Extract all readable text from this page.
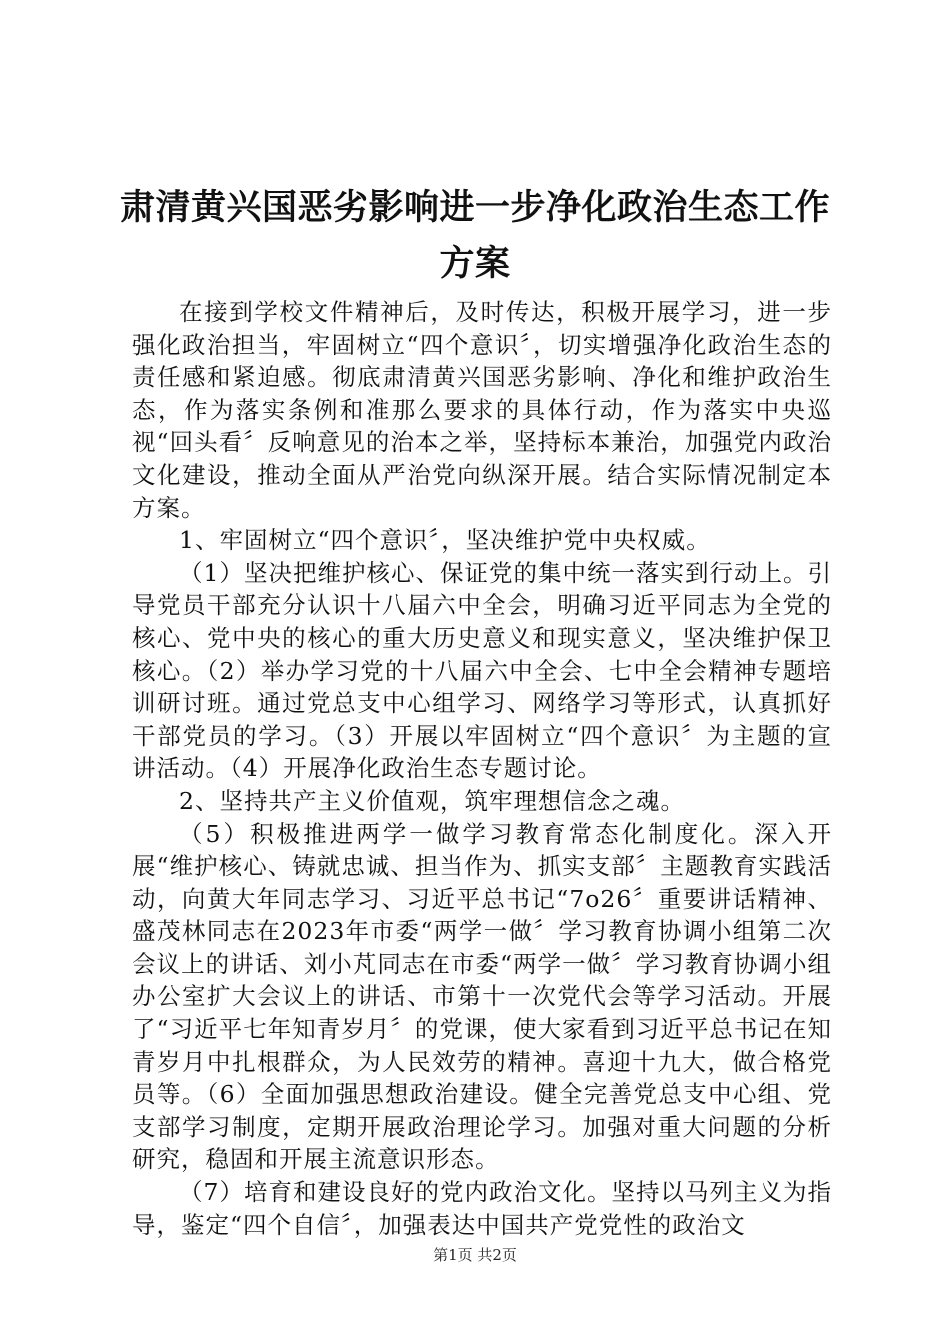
肃清黄兴国恶劣影响进一步净化政治生态工作
方案

在接到学校文件精神后，及时传达，积极开展学习，进一步强化政治担当，牢固树立“四个意识〞，切实增强净化政治生态的责任感和紧迫感。彻底肃清黄兴国恶劣影响、净化和维护政治生态，作为落实条例和准那么要求的具体行动，作为落实中央巡视“回头看〞反响意见的治本之举，坚持标本兼治，加强党内政治文化建设，推动全面从严治党向纵深开展。结合实际情况制定本方案。

1、牢固树立“四个意识〞，坚决维护党中央权威。

（1）坚决把维护核心、保证党的集中统一落实到行动上。引导党员干部充分认识十八届六中全会，明确习近平同志为全党的核心、党中央的核心的重大历史意义和现实意义，坚决维护保卫核心。（2）举办学习党的十八届六中全会、七中全会精神专题培训研讨班。通过党总支中心组学习、网络学习等形式，认真抓好干部党员的学习。（3）开展以牢固树立“四个意识〞为主题的宣讲活动。（4）开展净化政治生态专题讨论。

2、坚持共产主义价值观，筑牢理想信念之魂。

（5）积极推进两学一做学习教育常态化制度化。深入开展“维护核心、铸就忠诚、担当作为、抓实支部〞主题教育实践活动，向黄大年同志学习、习近平总书记“7o26〞重要讲话精神、盛茂林同志在2023年市委“两学一做〞学习教育协调小组第二次会议上的讲话、刘小芃同志在市委“两学一做〞学习教育协调小组办公室扩大会议上的讲话、市第十一次党代会等学习活动。开展了“习近平七年知青岁月〞的党课，使大家看到习近平总书记在知青岁月中扎根群众，为人民效劳的精神。喜迎十九大，做合格党员等。（6）全面加强思想政治建设。健全完善党总支中心组、党支部学习制度，定期开展政治理论学习。加强对重大问题的分析研究，稳固和开展主流意识形态。

（7）培育和建设良好的党内政治文化。坚持以马列主义为指导，鉴定“四个自信〞，加强表达中国共产党党性的政治文

第1页 共2页
